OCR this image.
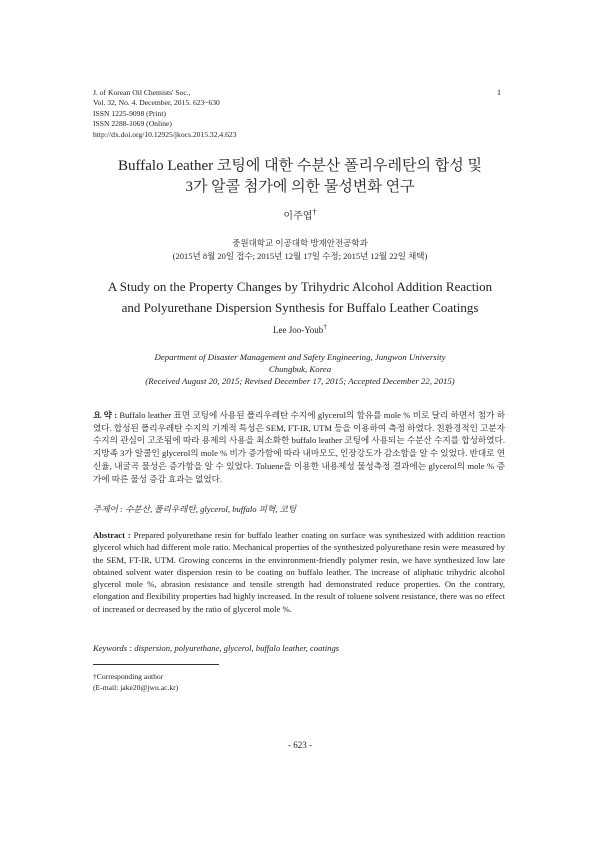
J. of Korean Oil Chemists' Soc.,
Vol. 32, No. 4. December, 2015. 623~630
ISSN 1225-9098 (Print)
ISSN 2288-1069 (Online)
http://dx.doi.org/10.12925/jkocs.2015.32.4.623
1
Buffalo Leather 코팅에 대한 수분산 폴리우레탄의 합성 및
3가 알콜 첨가에 의한 물성변화 연구
이주엽†
중원대학교 이공대학 방재안전공학과
(2015년 8월 20일 접수; 2015년 12월 17일 수정; 2015년 12월 22일 채택)
A Study on the Property Changes by Trihydric Alcohol Addition Reaction
and Polyurethane Dispersion Synthesis for Buffalo Leather Coatings
Lee Joo-Youb†
Department of Disaster Management and Safety Engineering, Jungwon University
Chungbuk, Korea
(Received August 20, 2015; Revised December 17, 2015; Accepted December 22, 2015)
요 약 : Buffalo leather 표면 코팅에 사용된 폴리우레탄 수지에 glycerol의 함유를 mole % 비로 달리 하면서 첨가 하였다. 합성된 폴리우레탄 수지의 기계적 특성은 SEM, FT-IR, UTM 등을 이용하여 측정 하였다. 친환경적인 고분자 수지의 관심이 고조됨에 따라 용제의 사용을 최소화한 buffalo leather 코팅에 사용되는 수분산 수지를 합성하였다. 지방족 3가 알콜인 glycerol의 mole % 비가 증가함에 따라 내마모도, 인장강도가 감소함을 알 수 있었다. 반대로 연신율, 내굴곡 물성은 증가함을 알 수 있었다. Toluene을 이용한 내용제성 물성측정 결과에는 glycerol의 mole % 증가에 따른 물성 증감 효과는 없었다.
주제어 : 수분산, 폴리우레탄, glycerol, buffalo 피혁, 코팅
Abstract : Prepared polyurethane resin for buffalo leather coating on surface was synthesized with addition reaction glycerol which had different mole ratio. Mechanical properties of the synthesized polyurethane resin were measured by the SEM, FT-IR, UTM. Growing concerns in the envinronment-friendly polymer resin, we have synthesized low late obtained solvent water dispersion resin to be coating on buffalo leather. The increase of aliphatic trihydric alcohol glycerol mole %, abrasion resistance and tensile strength had demonstrated reduce properties. On the contrary, elongation and flexibility properties had highly increased. In the result of toluene solvent resistance, there was no effect of increased or decreased by the ratio of glycerol mole %.
Keywords : dispersion, polyurethane, glycerol, buffalo leather, coatings
†Corresponding author
(E-mail: jake20@jwu.ac.kr)
- 623 -
